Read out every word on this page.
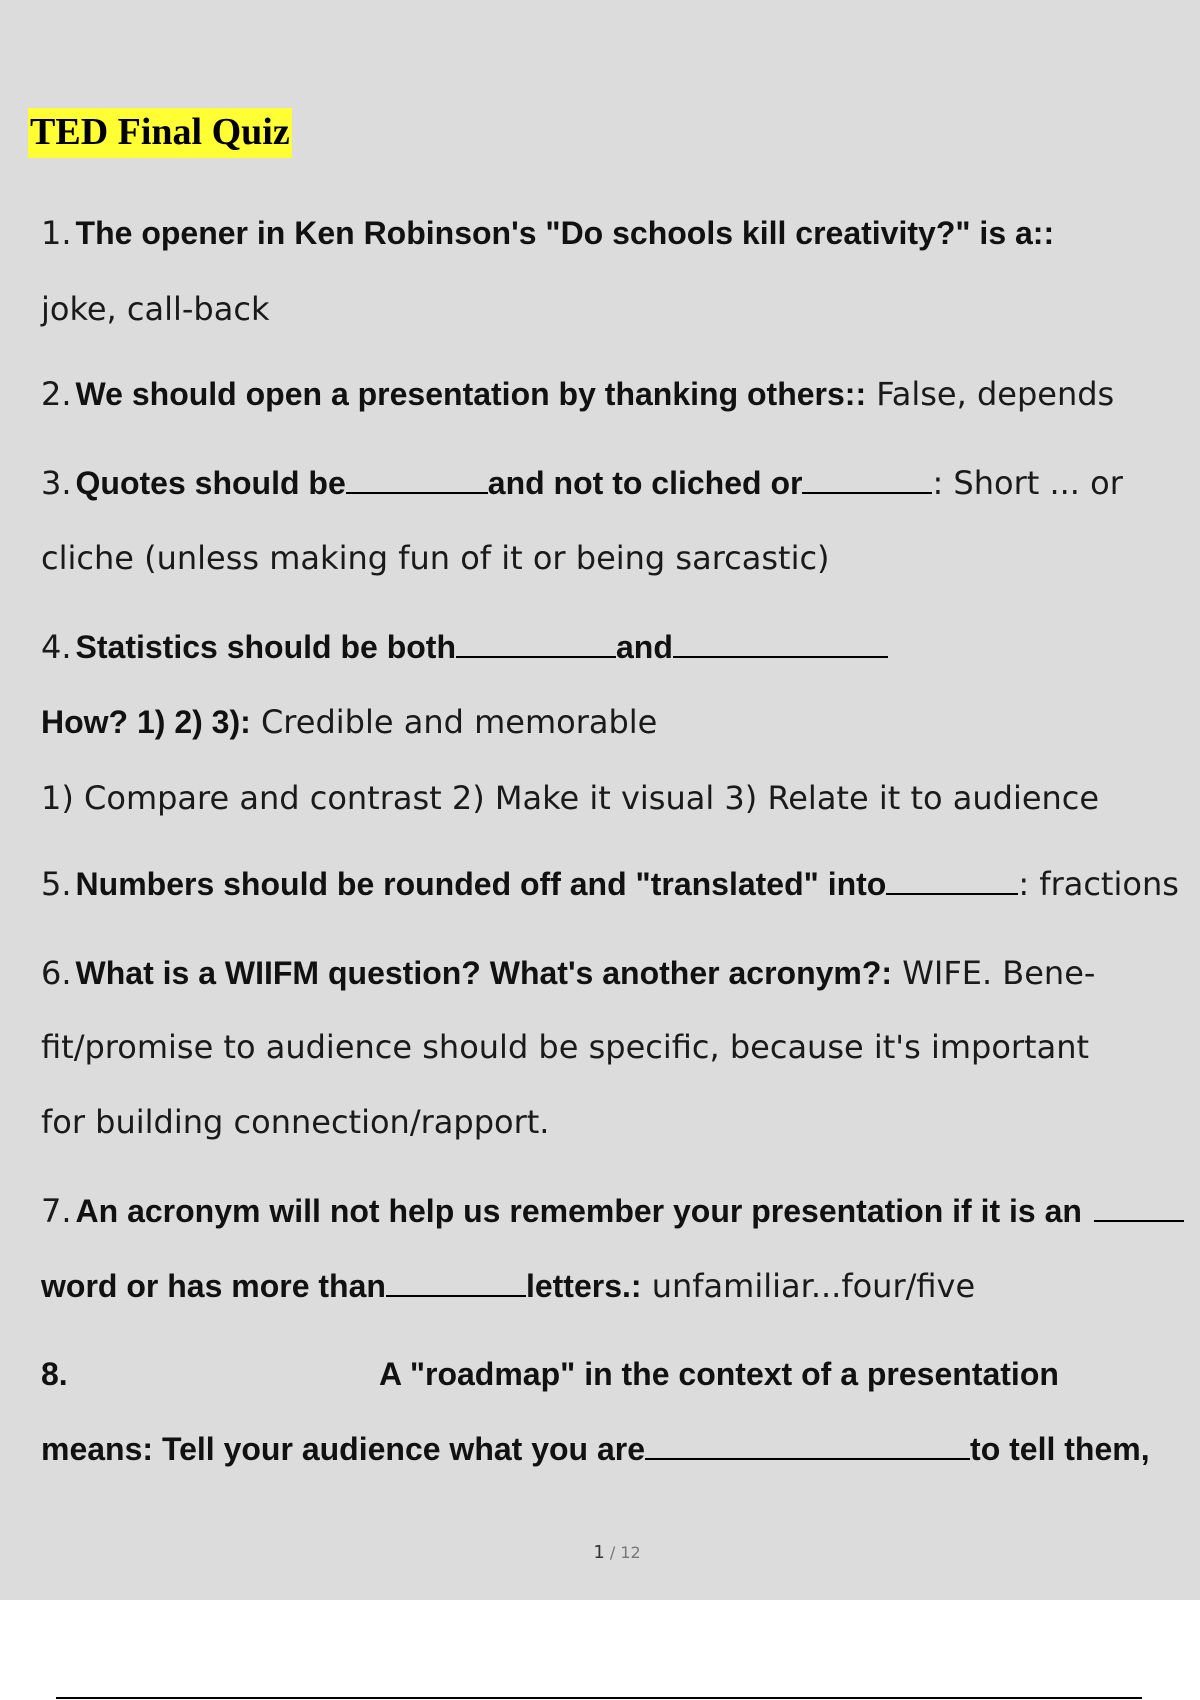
TED Final Quiz
1. The opener in Ken Robinson's "Do schools kill creativity?" is a::
joke, call-back
2. We should open a presentation by thanking others:: False, depends
3. Quotes should be	and not to cliched or	: Short ... or
cliche (unless making fun of it or being sarcastic)
4. Statistics should be both	and
How? 1) 2) 3): Credible and memorable
1) Compare and contrast 2) Make it visual 3) Relate it to audience
5. Numbers should be rounded off and "translated" into	: fractions
6. What is a WIIFM question? What's another acronym?: WIFE. Bene-
fit/promise to audience should be specific, because it's important
for building connection/rapport.
7. An acronym will not help us remember your presentation if it is an
word or has more than	letters.: unfamiliar...four/five
8.	A "roadmap" in the context of a presentation
means: Tell your audience what you are	to tell them,
1 / 12
